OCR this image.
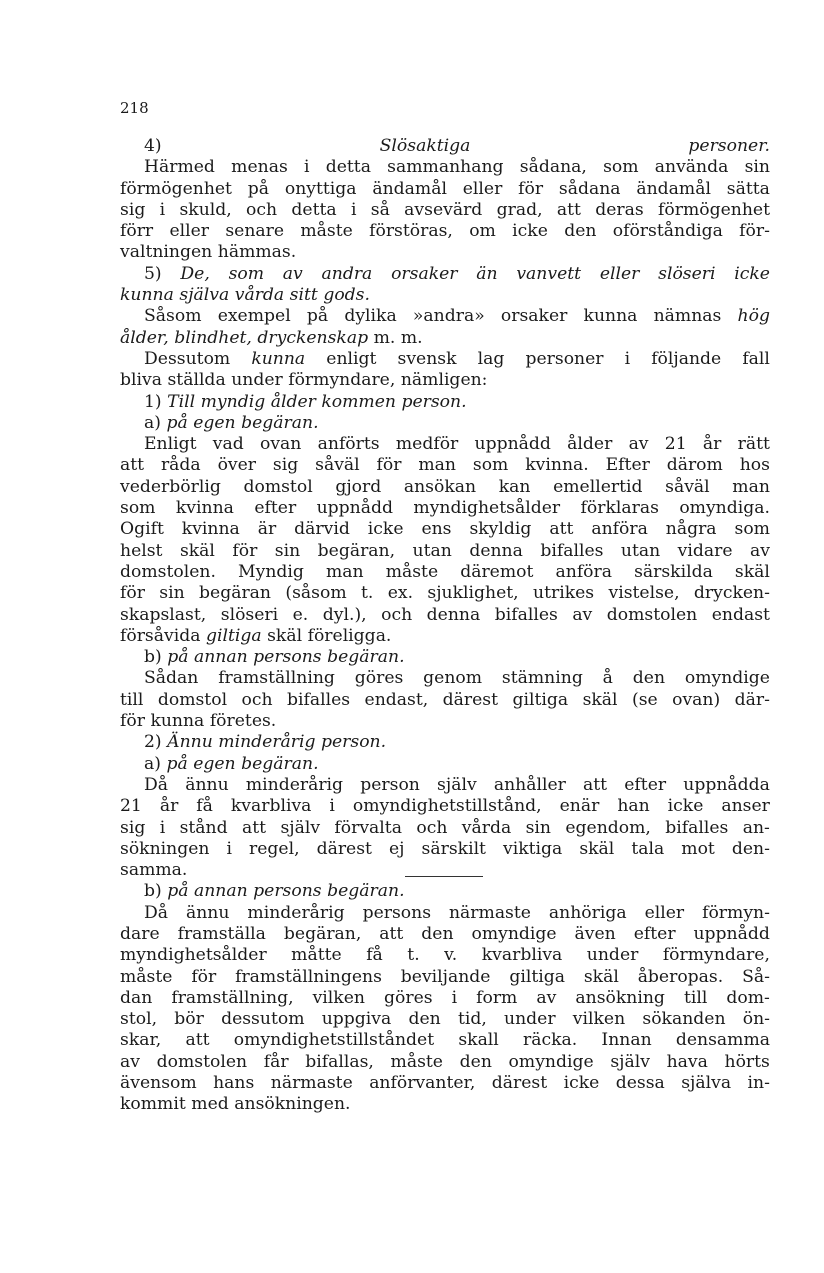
218
4)	Slösaktiga	personer.
Härmed menas i detta sammanhang sådana, som använda sin
förmögenhet på onyttiga ändamål eller för sådana ändamål sätta
sig i skuld, och detta i så avsevärd grad, att deras förmögenhet
förr eller senare måste förstöras, om icke den oförståndiga för-
valtningen hämmas.
5) De, som av andra orsaker än vanvett eller slöseri icke
kunna själva vårda sitt gods.
Såsom exempel på dylika »andra» orsaker kunna nämnas hög
ålder, blindhet, dryckenskap m. m.
Dessutom kunna enligt svensk lag personer i följande fall
bliva ställda under förmyndare, nämligen:
1) Till myndig ålder kommen person.
a) på egen begäran.
Enligt vad ovan anförts medför uppnådd ålder av 21 år rätt
att råda över sig såväl för man som kvinna. Efter därom hos
vederbörlig domstol gjord ansökan kan emellertid såväl man
som kvinna efter uppnådd myndighetsålder förklaras omyndiga.
Ogift kvinna är därvid icke ens skyldig att anföra några som
helst skäl för sin begäran, utan denna bifalles utan vidare av
domstolen. Myndig man måste däremot anföra särskilda skäl
för sin begäran (såsom t. ex. sjuklighet, utrikes vistelse, drycken-
skapslast, slöseri e. dyl.), och denna bifalles av domstolen endast
försåvida giltiga skäl föreligga.
b) på annan persons begäran.
Sådan framställning göres genom stämning å den omyndige
till domstol och bifalles endast, därest giltiga skäl (se ovan) där-
för kunna företes.
2) Ännu minderårig person.
a) på egen begäran.
Då ännu minderårig person själv anhåller att efter uppnådda
21 år få kvarbliva i omyndighetstillstånd, enär han icke anser
sig i stånd att själv förvalta och vårda sin egendom, bifalles an-
sökningen i regel, därest ej särskilt viktiga skäl tala mot den-
samma.
b) på annan persons begäran.
Då ännu minderårig persons närmaste anhöriga eller förmyn-
dare framställa begäran, att den omyndige även efter uppnådd
myndighetsålder måtte få t. v. kvarbliva under förmyndare,
måste för framställningens beviljande giltiga skäl åberopas. Så-
dan framställning, vilken göres i form av ansökning till dom-
stol, bör dessutom uppgiva den tid, under vilken sökanden ön-
skar, att omyndighetstillståndet skall räcka. Innan densamma
av domstolen får bifallas, måste den omyndige själv hava hörts
ävensom hans närmaste anförvanter, därest icke dessa själva in-
kommit med ansökningen.
